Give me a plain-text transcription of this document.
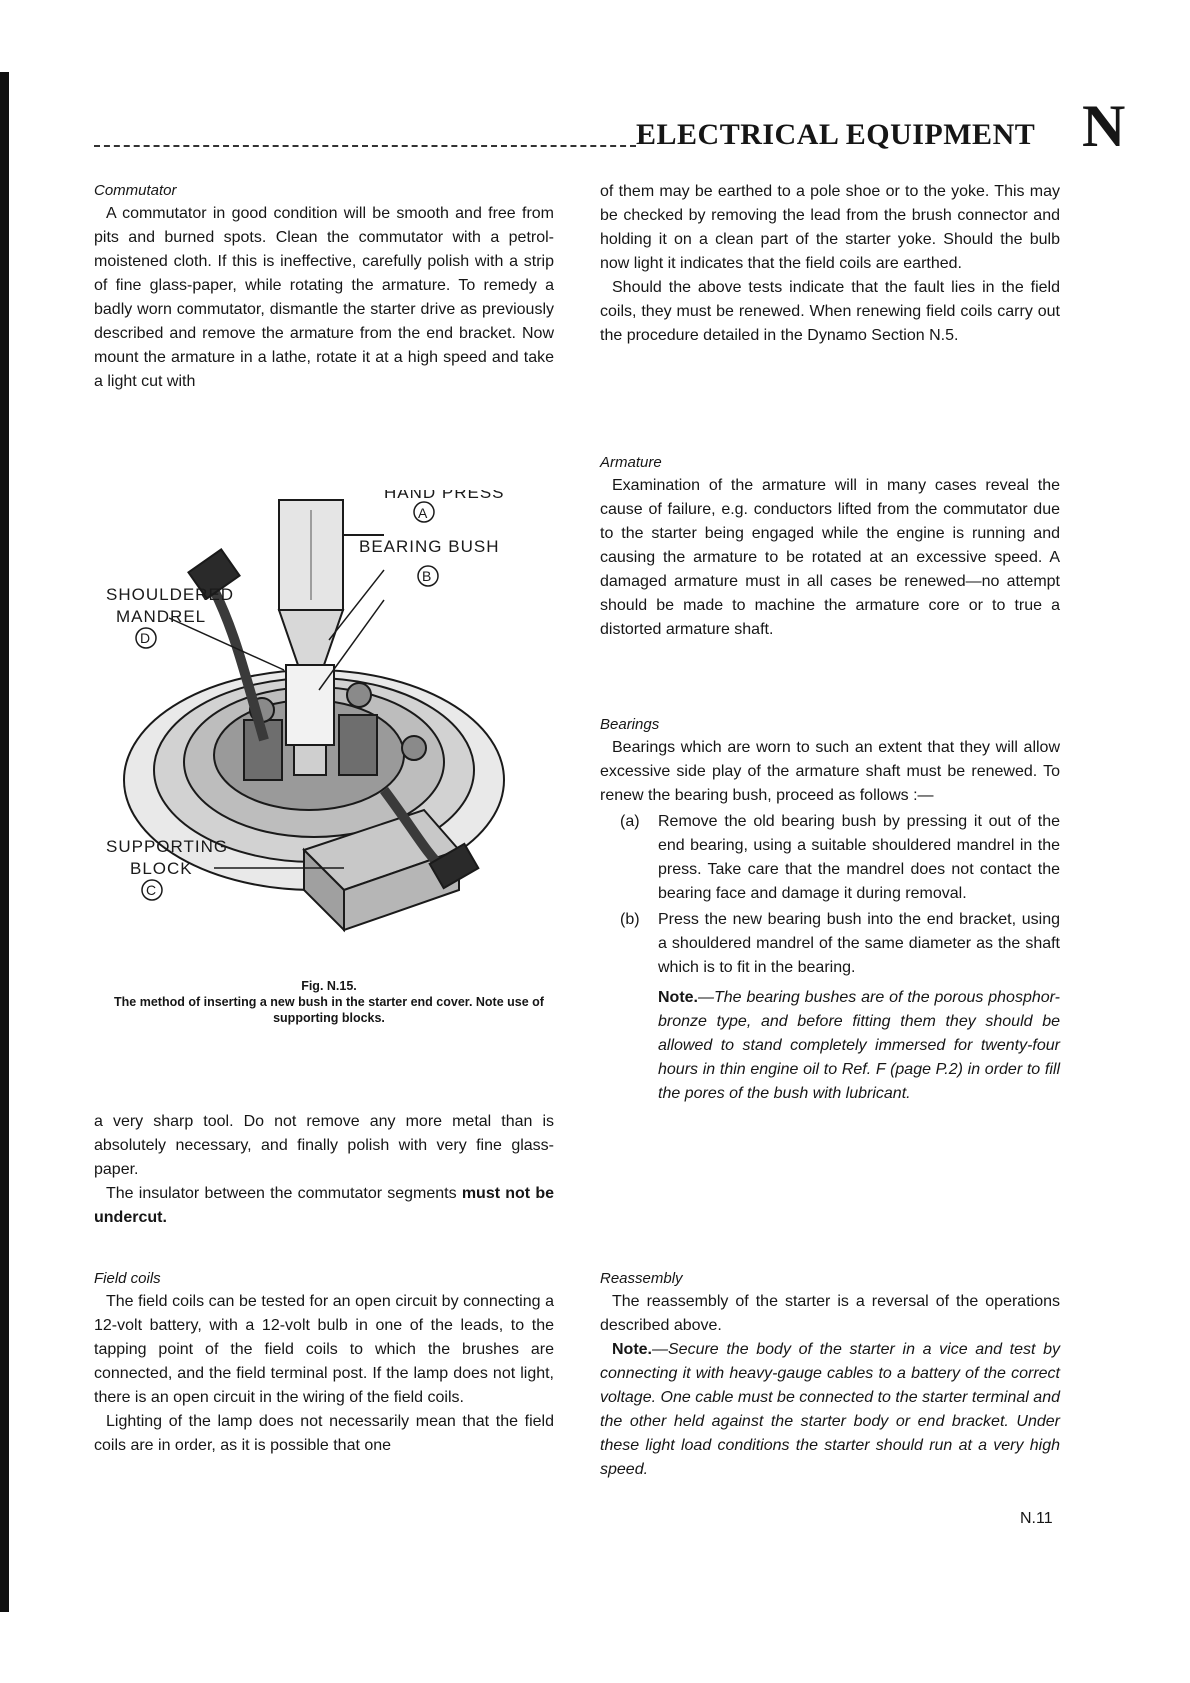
ELECTRICAL EQUIPMENT N
Commutator

A commutator in good condition will be smooth and free from pits and burned spots. Clean the commutator with a petrol-moistened cloth. If this is ineffective, carefully polish with a strip of fine glass-paper, while rotating the armature. To remedy a badly worn commutator, dismantle the starter drive as previously described and remove the armature from the end bracket. Now mount the armature in a lathe, rotate it at a high speed and take a light cut with

HAND PRESS
A
BEARING BUSH
B
SHOULDERED
MANDREL
D
SUPPORTING
BLOCK
C
Fig. N.15.
The method of inserting a new bush in the starter end cover. Note use of supporting blocks.

a very sharp tool. Do not remove any more metal than is absolutely necessary, and finally polish with very fine glass-paper.

The insulator between the commutator segments must not be undercut.

Field coils

The field coils can be tested for an open circuit by connecting a 12-volt battery, with a 12-volt bulb in one of the leads, to the tapping point of the field coils to which the brushes are connected, and the field terminal post. If the lamp does not light, there is an open circuit in the wiring of the field coils.

Lighting of the lamp does not necessarily mean that the field coils are in order, as it is possible that one

of them may be earthed to a pole shoe or to the yoke. This may be checked by removing the lead from the brush connector and holding it on a clean part of the starter yoke. Should the bulb now light it indicates that the field coils are earthed.

Should the above tests indicate that the fault lies in the field coils, they must be renewed. When renewing field coils carry out the procedure detailed in the Dynamo Section N.5.

Armature

Examination of the armature will in many cases reveal the cause of failure, e.g. conductors lifted from the commutator due to the starter being engaged while the engine is running and causing the armature to be rotated at an excessive speed. A damaged armature must in all cases be renewed—no attempt should be made to machine the armature core or to true a distorted armature shaft.

Bearings

Bearings which are worn to such an extent that they will allow excessive side play of the armature shaft must be renewed. To renew the bearing bush, proceed as follows :—

(a) Remove the old bearing bush by pressing it out of the end bearing, using a suitable shouldered mandrel in the press. Take care that the mandrel does not contact the bearing face and damage it during removal.
(b) Press the new bearing bush into the end bracket, using a shouldered mandrel of the same diameter as the shaft which is to fit in the bearing.
Note.—The bearing bushes are of the porous phosphor-bronze type, and before fitting them they should be allowed to stand completely immersed for twenty-four hours in thin engine oil to Ref. F (page P.2) in order to fill the pores of the bush with lubricant.
Reassembly

The reassembly of the starter is a reversal of the operations described above.

Note.—Secure the body of the starter in a vice and test by connecting it with heavy-gauge cables to a battery of the correct voltage. One cable must be connected to the starter terminal and the other held against the starter body or end bracket. Under these light load conditions the starter should run at a very high speed.

N.11
